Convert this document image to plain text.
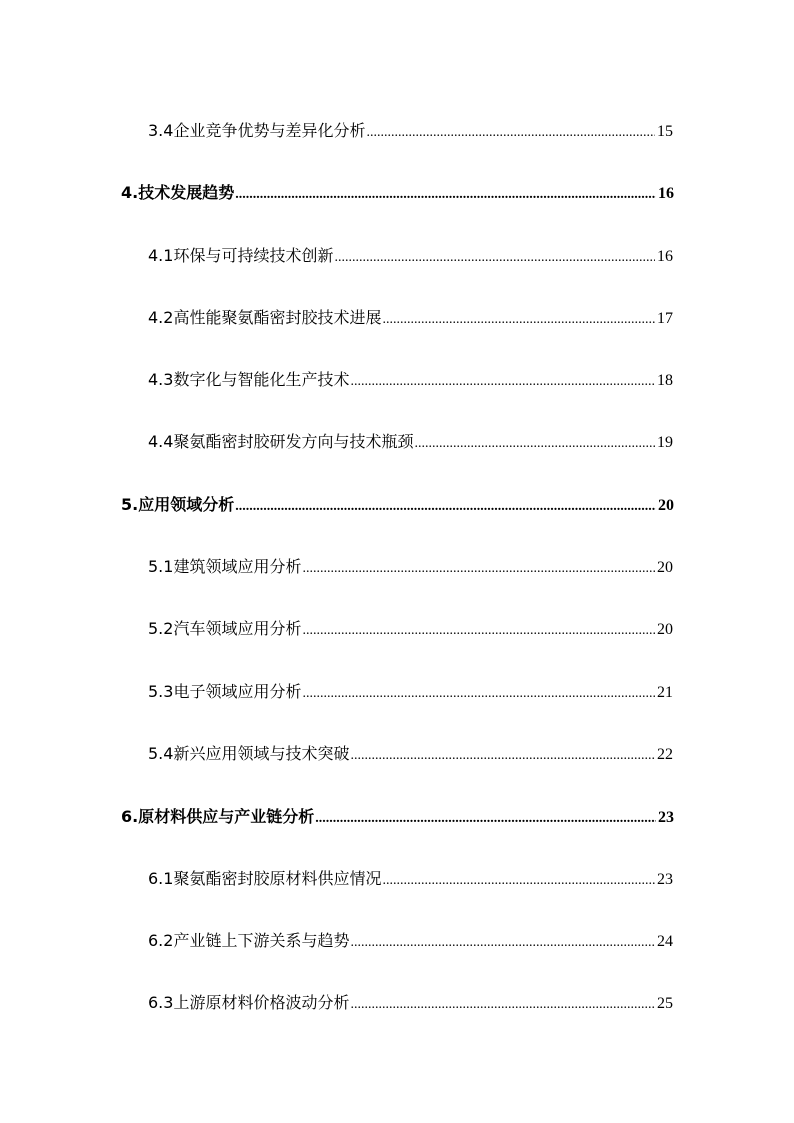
3.4 企业竞争优势与差异化分析 .....	15
4. 技术发展趋势 .....	16
4.1 环保与可持续技术创新 .....	16
4.2 高性能聚氨酯密封胶技术进展 .....	17
4.3 数字化与智能化生产技术 .....	18
4.4 聚氨酯密封胶研发方向与技术瓶颈 .....	19
5. 应用领域分析 .....	20
5.1 建筑领域应用分析 .....	20
5.2 汽车领域应用分析 .....	20
5.3 电子领域应用分析 .....	21
5.4 新兴应用领域与技术突破 .....	22
6. 原材料供应与产业链分析 .....	23
6.1 聚氨酯密封胶原材料供应情况 .....	23
6.2 产业链上下游关系与趋势 .....	24
6.3 上游原材料价格波动分析 .....	25
